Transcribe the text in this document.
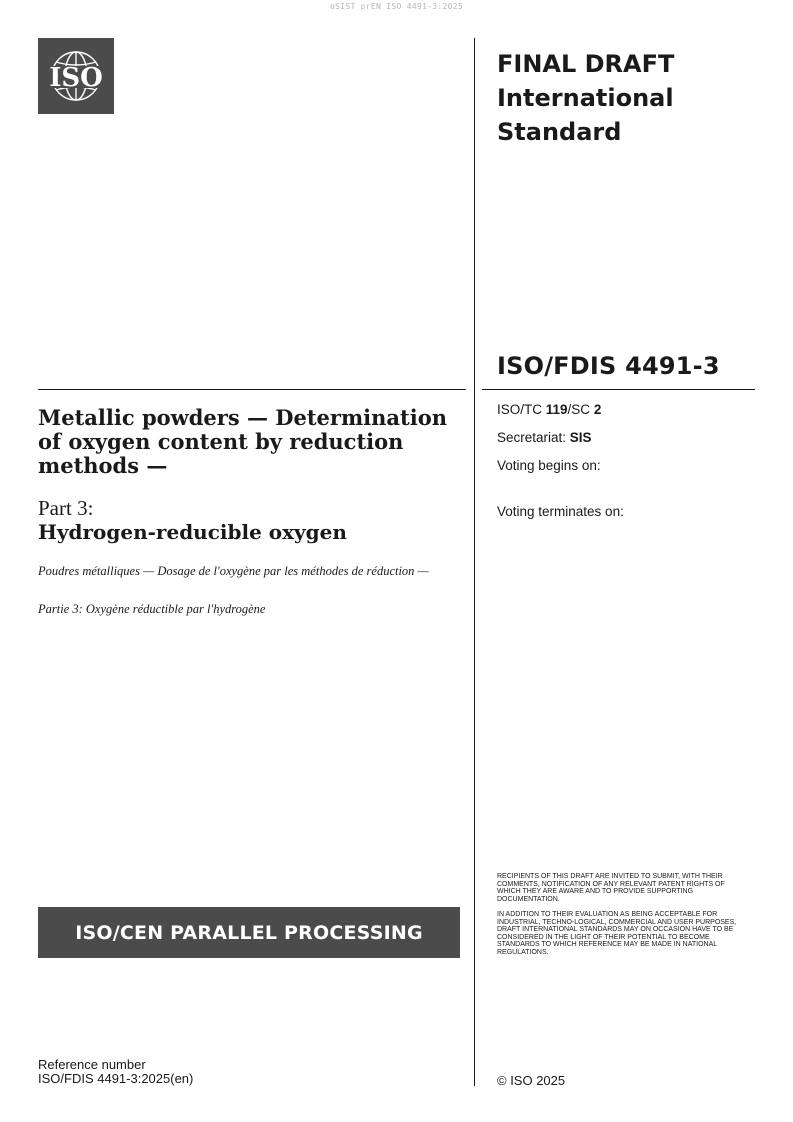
oSIST prEN ISO 4491-3:2025
ISO	FINAL DRAFT
International
Standard
ISO/FDIS 4491-3
ISO/TC 119/SC 2
Secretariat: SIS
Voting begins on:
Voting terminates on:
Metallic powders — Determination of oxygen content by reduction methods —
Part 3:
Hydrogen-reducible oxygen
Poudres métalliques — Dosage de l'oxygène par les méthodes de réduction —
Partie 3: Oxygène réductible par l'hydrogène
ISO/CEN PARALLEL PROCESSING
RECIPIENTS OF THIS DRAFT ARE INVITED TO SUBMIT, WITH THEIR COMMENTS, NOTIFICATION OF ANY RELEVANT PATENT RIGHTS OF WHICH THEY ARE AWARE AND TO PROVIDE SUPPORTING DOCUMENTATION.
IN ADDITION TO THEIR EVALUATION AS BEING ACCEPTABLE FOR INDUSTRIAL, TECHNO-LOGICAL, COMMERCIAL AND USER PURPOSES, DRAFT INTERNATIONAL STANDARDS MAY ON OCCASION HAVE TO BE CONSIDERED IN THE LIGHT OF THEIR POTENTIAL TO BECOME STANDARDS TO WHICH REFERENCE MAY BE MADE IN NATIONAL REGULATIONS.
Reference number
ISO/FDIS 4491-3:2025(en)	© ISO 2025
